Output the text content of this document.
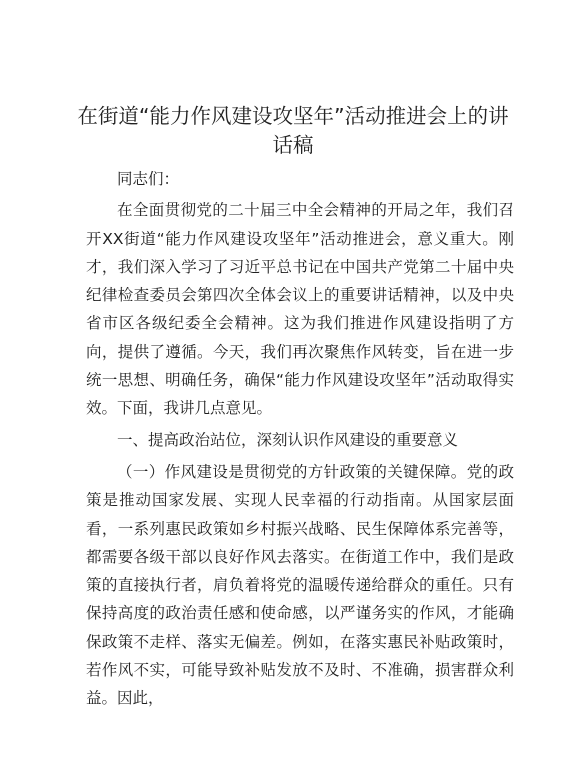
在街道“能力作风建设攻坚年”活动推进会上的讲话稿

同志们：

在全面贯彻党的二十届三中全会精神的开局之年，我们召开XX街道“能力作风建设攻坚年”活动推进会，意义重大。刚才，我们深入学习了习近平总书记在中国共产党第二十届中央纪律检查委员会第四次全体会议上的重要讲话精神，以及中央省市区各级纪委全会精神。这为我们推进作风建设指明了方向，提供了遵循。今天，我们再次聚焦作风转变，旨在进一步统一思想、明确任务，确保“能力作风建设攻坚年”活动取得实效。下面，我讲几点意见。

一、提高政治站位，深刻认识作风建设的重要意义

（一）作风建设是贯彻党的方针政策的关键保障。党的政策是推动国家发展、实现人民幸福的行动指南。从国家层面看，一系列惠民政策如乡村振兴战略、民生保障体系完善等，都需要各级干部以良好作风去落实。在街道工作中，我们是政策的直接执行者，肩负着将党的温暖传递给群众的重任。只有保持高度的政治责任感和使命感，以严谨务实的作风，才能确保政策不走样、落实无偏差。例如，在落实惠民补贴政策时，若作风不实，可能导致补贴发放不及时、不准确，损害群众利益。因此，
